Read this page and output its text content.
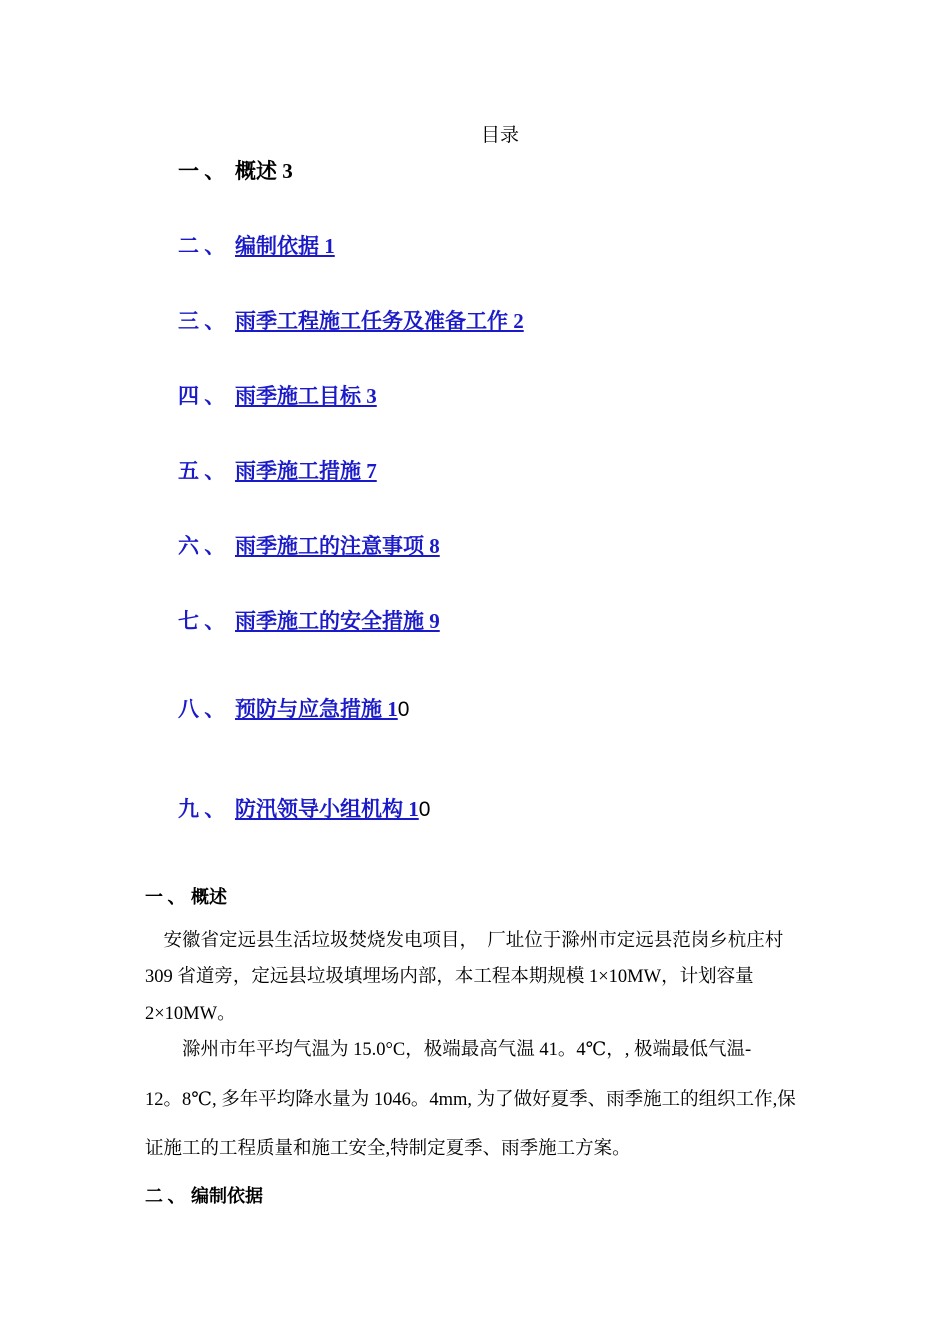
目录
一 、 概述 3
二 、 编制依据 1
三 、 雨季工程施工任务及准备工作 2
四 、 雨季施工目标 3
五 、 雨季施工措施 7
六 、 雨季施工的注意事项 8
七 、 雨季施工的安全措施 9
八 、 预防与应急措施 10
九 、 防汛领导小组机构 10
一 、 概述
　安徽省定远县生活垃圾焚烧发电项目，　厂址位于滁州市定远县范岗乡杭庄村
309 省道旁，定远县垃圾填埋场内部，本工程本期规模 1×10MW，计划容量
2×10MW。
　　滁州市年平均气温为 15.0°C，极端最高气温 41。4℃，, 极端最低气温-
12。8℃, 多年平均降水量为 1046。4mm, 为了做好夏季、雨季施工的组织工作,保
证施工的工程质量和施工安全,特制定夏季、雨季施工方案。
二 、 编制依据
